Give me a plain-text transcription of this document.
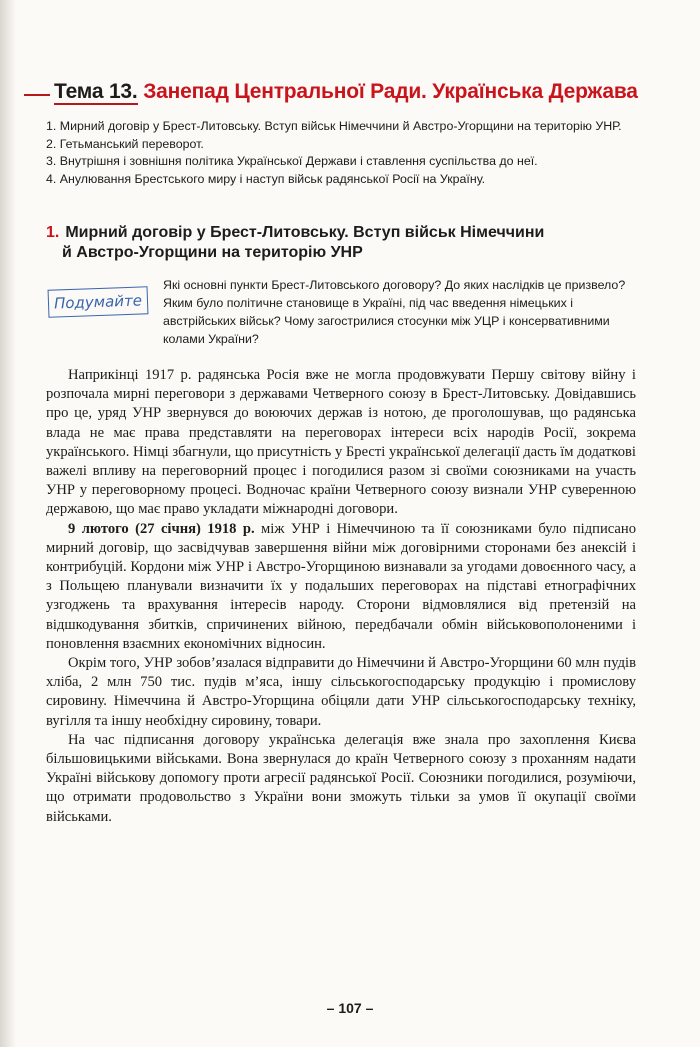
Тема 13. Занепад Центральної Ради. Українська Держава
1. Мирний договір у Брест-Литовську. Вступ військ Німеччини й Австро-Угорщини на територію УНР.
2. Гетьманський переворот.
3. Внутрішня і зовнішня політика Української Держави і ставлення суспільства до неї.
4. Анулювання Брестського миру і наступ військ радянської Росії на Україну.
1. Мирний договір у Брест-Литовську. Вступ військ Німеччини
й Австро-Угорщини на територію УНР
Які основні пункти Брест-Литовського договору? До яких наслідків це призвело? Яким було політичне становище в Україні, під час введення німецьких і австрійських військ? Чому загострилися стосунки між УЦР і консервативними колами України?
Подумайте

Наприкінці 1917 р. радянська Росія вже не могла продовжувати Першу світову війну і розпочала мирні переговори з державами Четверного союзу в Брест-Литовську. Довідавшись про це, уряд УНР звернувся до воюючих держав із нотою, де проголошував, що радянська влада не має права представляти на переговорах інтереси всіх народів Росії, зокрема українського. Німці збагнули, що присутність у Бресті української делегації дасть їм додаткові важелі впливу на переговорний процес і погодилися разом зі своїми союзниками на участь УНР у переговорному процесі. Водночас країни Четверного союзу визнали УНР суверенною державою, що має право укладати міжнародні договори.

9 лютого (27 січня) 1918 р. між УНР і Німеччиною та її союзниками було підписано мирний договір, що засвідчував завершення війни між договірними сторонами без анексій і контрибуцій. Кордони між УНР і Австро-Угорщиною визнавали за угодами довоєнного часу, а з Польщею планували визначити їх у подальших переговорах на підставі етнографічних узгоджень та врахування інтересів народу. Сторони відмовлялися від претензій на відшкодування збитків, спричинених війною, передбачали обмін військовополоненими і поновлення взаємних економічних відносин.

Окрім того, УНР зобов’язалася відправити до Німеччини й Австро-Угорщини 60 млн пудів хліба, 2 млн 750 тис. пудів м’яса, іншу сільськогосподарську продукцію і промислову сировину. Німеччина й Австро-Угорщина обіцяли дати УНР сільськогосподарську техніку, вугілля та іншу необхідну сировину, товари.

На час підписання договору українська делегація вже знала про захоплення Києва більшовицькими військами. Вона звернулася до країн Четверного союзу з проханням надати Україні військову допомогу проти агресії радянської Росії. Союзники погодилися, розуміючи, що отримати продовольство з України вони зможуть тільки за умов її окупації своїми військами.

– 107 –
